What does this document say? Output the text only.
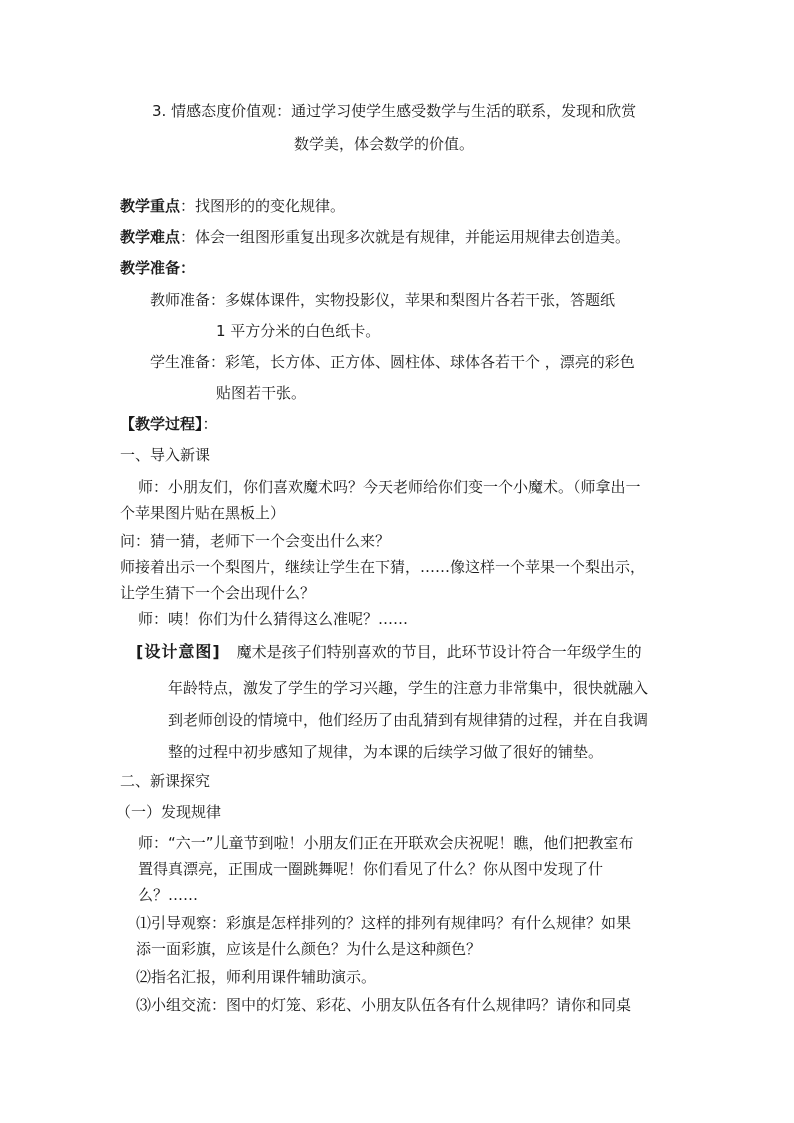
3. 情感态度价值观：通过学习使学生感受数学与生活的联系，发现和欣赏
数学美，体会数学的价值。
教学重点：找图形的的变化规律。
教学难点：体会一组图形重复出现多次就是有规律，并能运用规律去创造美。
教学准备：
教师准备：多媒体课件，实物投影仪，苹果和梨图片各若干张，答题纸
1 平方分米的白色纸卡。
学生准备：彩笔，长方体、正方体、圆柱体、球体各若干个 ，漂亮的彩色
贴图若干张。
【教学过程】：
一、导入新课
师：小朋友们，你们喜欢魔术吗？今天老师给你们变一个小魔术。（师拿出一
个苹果图片贴在黑板上）
问：猜一猜，老师下一个会变出什么来？
师接着出示一个梨图片，继续让学生在下猜，……像这样一个苹果一个梨出示，
让学生猜下一个会出现什么？
师：咦！你们为什么猜得这么准呢？……
[设计意图] 魔术是孩子们特别喜欢的节目，此环节设计符合一年级学生的
年龄特点，激发了学生的学习兴趣，学生的注意力非常集中，很快就融入
到老师创设的情境中，他们经历了由乱猜到有规律猜的过程，并在自我调
整的过程中初步感知了规律，为本课的后续学习做了很好的铺垫。
二、新课探究
（一）发现规律
师：“六一”儿童节到啦！小朋友们正在开联欢会庆祝呢！瞧，他们把教室布
置得真漂亮，正围成一圈跳舞呢！你们看见了什么？你从图中发现了什
么？……
⑴引导观察：彩旗是怎样排列的？这样的排列有规律吗？有什么规律？如果
添一面彩旗，应该是什么颜色？为什么是这种颜色？
⑵指名汇报，师利用课件辅助演示。
⑶小组交流：图中的灯笼、彩花、小朋友队伍各有什么规律吗？请你和同桌
